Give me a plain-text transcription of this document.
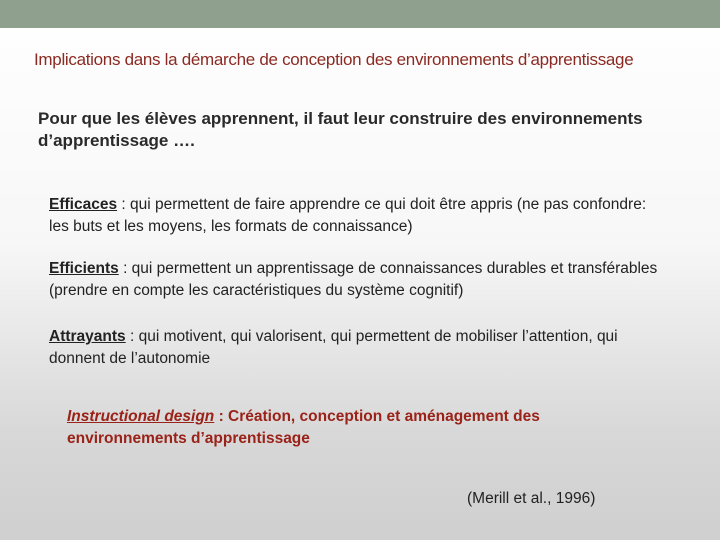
Implications dans la démarche de conception des environnements d’apprentissage
Pour que les élèves apprennent, il faut leur construire des environnements d’apprentissage ….
Efficaces : qui permettent de faire apprendre ce qui doit être appris (ne pas confondre: les buts et les moyens, les formats de connaissance)
Efficients : qui permettent un apprentissage de connaissances durables et transférables (prendre en compte les caractéristiques du système cognitif)
Attrayants : qui motivent, qui valorisent, qui permettent de mobiliser l’attention, qui donnent de l’autonomie
Instructional design : Création, conception et aménagement des environnements d’apprentissage
(Merill et al., 1996)
